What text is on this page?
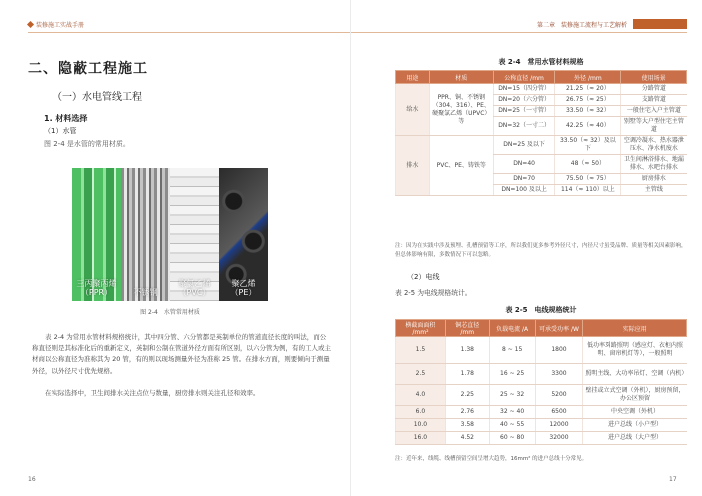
装修施工实战手册
二、隐蔽工程施工
（一）水电管线工程
1. 材料选择
（1）水管
图 2-4 是水管的常用材质。
三丙聚丙烯
（PPR）	不锈钢

聚氯乙烯
（PVC）
聚乙烯
（PE）
图 2-4　水管常用材质
表 2-4 为常用水管材料规格统计，其中四分管、六分管都是英制单位的管道直径长度的叫法，而公称直径则是其标准化后的重新定义，英制和公制在管道外径方面有所区别，以六分管为例，有的工人或主材商以公称直径为准称其为 20 管，有的则以现场测量外径为准称 25 管。在排水方面，则要倾向于测量外径，以外径尺寸优先规格。
在实际选择中，卫生间排水关注点位与数量，厨房排水则关注孔径和效率。
16
第二章　装修施工流程与工艺解析
表 2-4　常用水管材料规格
用途	材质	公称直径 /mm	外径 /mm	使用场景
给水	PPR、铜、不锈钢（304、316）、PE、硬聚氯乙烯（UPVC）等	DN=15（四分管）	21.25（≈ 20）	分路管道
		DN=20（六分管）	26.75（≈ 25）	支路管道
		DN=25（一寸管）	33.50（≈ 32）	一般住宅入户主管道
		DN=32（一寸二）	42.25（≈ 40）	别墅等大户型住宅主管道
排水	PVC、PE、铸铁等	DN=25 及以下	33.50（≈ 32）及以下	空调冷凝水、热水器泄压水、净水机废水
		DN=40	48（≈ 50）	卫生间淋浴排水、地漏排水、水吧台排水
		DN=70	75.50（≈ 75）	厨房排水
		DN=100 及以上	114（≈ 110）以上	主管线
注：因为在实践中涉及预埋、孔槽预留等工序，所以我们更多参考外径尺寸，内径尺寸虽受品牌、质量等相关因素影响，但总体影响有限，多数情况下可以忽略。
（2）电线
表 2-5 为电线规格统计。
表 2-5　电线规格统计
横截面面积 /mm²	铜芯直径 /mm	负载电流 /A	可承受功率 /W	实际应用
1.5	1.38	8 ~ 15	1800	低功率회路照明（感应灯、衣柜内照明、窗帘机灯等），一般照明
2.5	1.78	16 ~ 25	3300	照明主线、大功率吊灯、空调（内机）
4.0	2.25	25 ~ 32	5200	壁挂或立式空调（外机），厨房预留，办公区预留
6.0	2.76	32 ~ 40	6500	中央空调（外机）
10.0	3.58	40 ~ 55	12000	进户总线（小户型）
16.0	4.52	60 ~ 80	32000	进户总线（大户型）
注：近年来，线缆、线槽预留空间呈增大趋势，16mm² 的进户总线十分常见。
17
